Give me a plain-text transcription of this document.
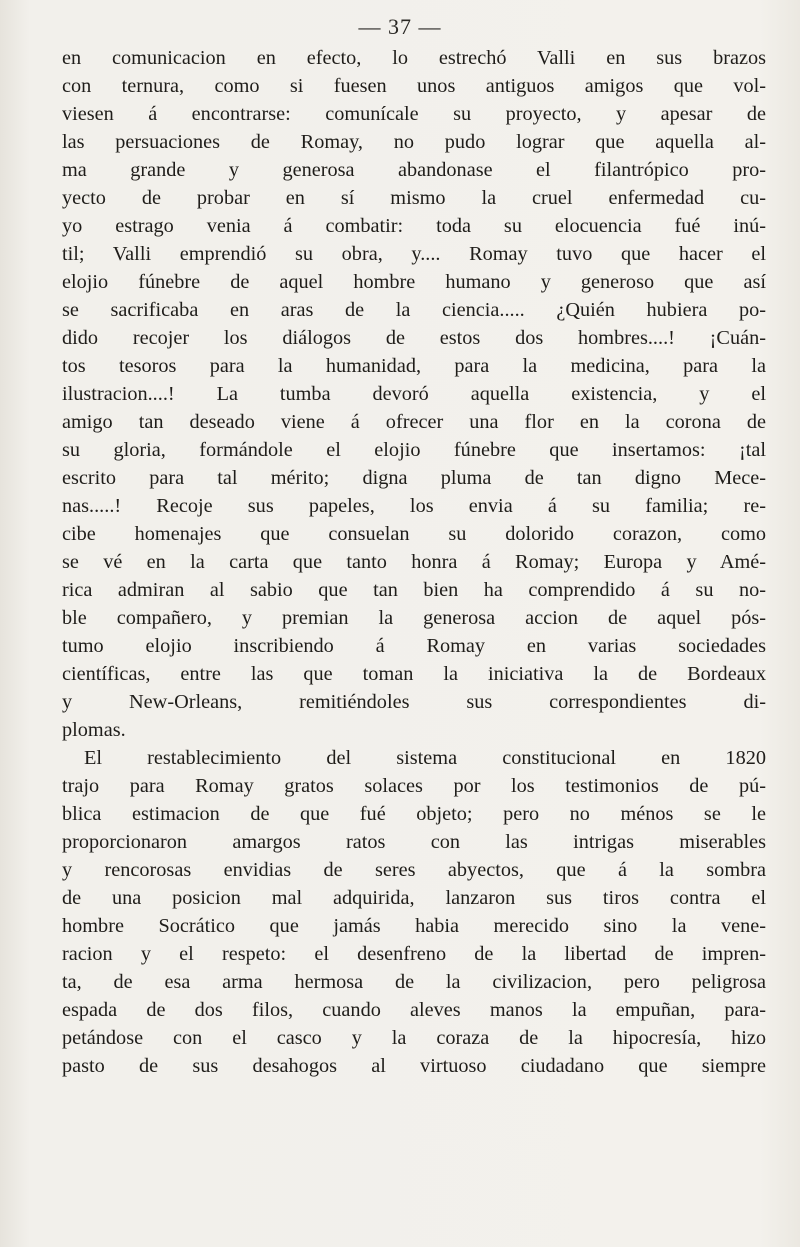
— 37 —
en comunicacion en efecto, lo estrechó Valli en sus brazos
con ternura, como si fuesen unos antiguos amigos que vol-
viesen á encontrarse: comunícale su proyecto, y apesar de
las persuaciones de Romay, no pudo lograr que aquella al-
ma grande y generosa abandonase el filantrópico pro-
yecto de probar en sí mismo la cruel enfermedad cu-
yo estrago venia á combatir: toda su elocuencia fué inú-
til; Valli emprendió su obra, y.... Romay tuvo que hacer el
elojio fúnebre de aquel hombre humano y generoso que así
se sacrificaba en aras de la ciencia..... ¿Quién hubiera po-
dido recojer los diálogos de estos dos hombres....! ¡Cuán-
tos tesoros para la humanidad, para la medicina, para la
ilustracion....! La tumba devoró aquella existencia, y el
amigo tan deseado viene á ofrecer una flor en la corona de
su gloria, formándole el elojio fúnebre que insertamos: ¡tal
escrito para tal mérito; digna pluma de tan digno Mece-
nas.....! Recoje sus papeles, los envia á su familia; re-
cibe homenajes que consuelan su dolorido corazon, como
se vé en la carta que tanto honra á Romay; Europa y Amé-
rica admiran al sabio que tan bien ha comprendido á su no-
ble compañero, y premian la generosa accion de aquel pós-
tumo elojio inscribiendo á Romay en varias sociedades
científicas, entre las que toman la iniciativa la de Bordeaux
y New-Orleans, remitiéndoles sus correspondientes di-
plomas.
El restablecimiento del sistema constitucional en 1820
trajo para Romay gratos solaces por los testimonios de pú-
blica estimacion de que fué objeto; pero no ménos se le
proporcionaron amargos ratos con las intrigas miserables
y rencorosas envidias de seres abyectos, que á la sombra
de una posicion mal adquirida, lanzaron sus tiros contra el
hombre Socrático que jamás habia merecido sino la vene-
racion y el respeto: el desenfreno de la libertad de impren-
ta, de esa arma hermosa de la civilizacion, pero peligrosa
espada de dos filos, cuando aleves manos la empuñan, para-
petándose con el casco y la coraza de la hipocresía, hizo
pasto de sus desahogos al virtuoso ciudadano que siempre
